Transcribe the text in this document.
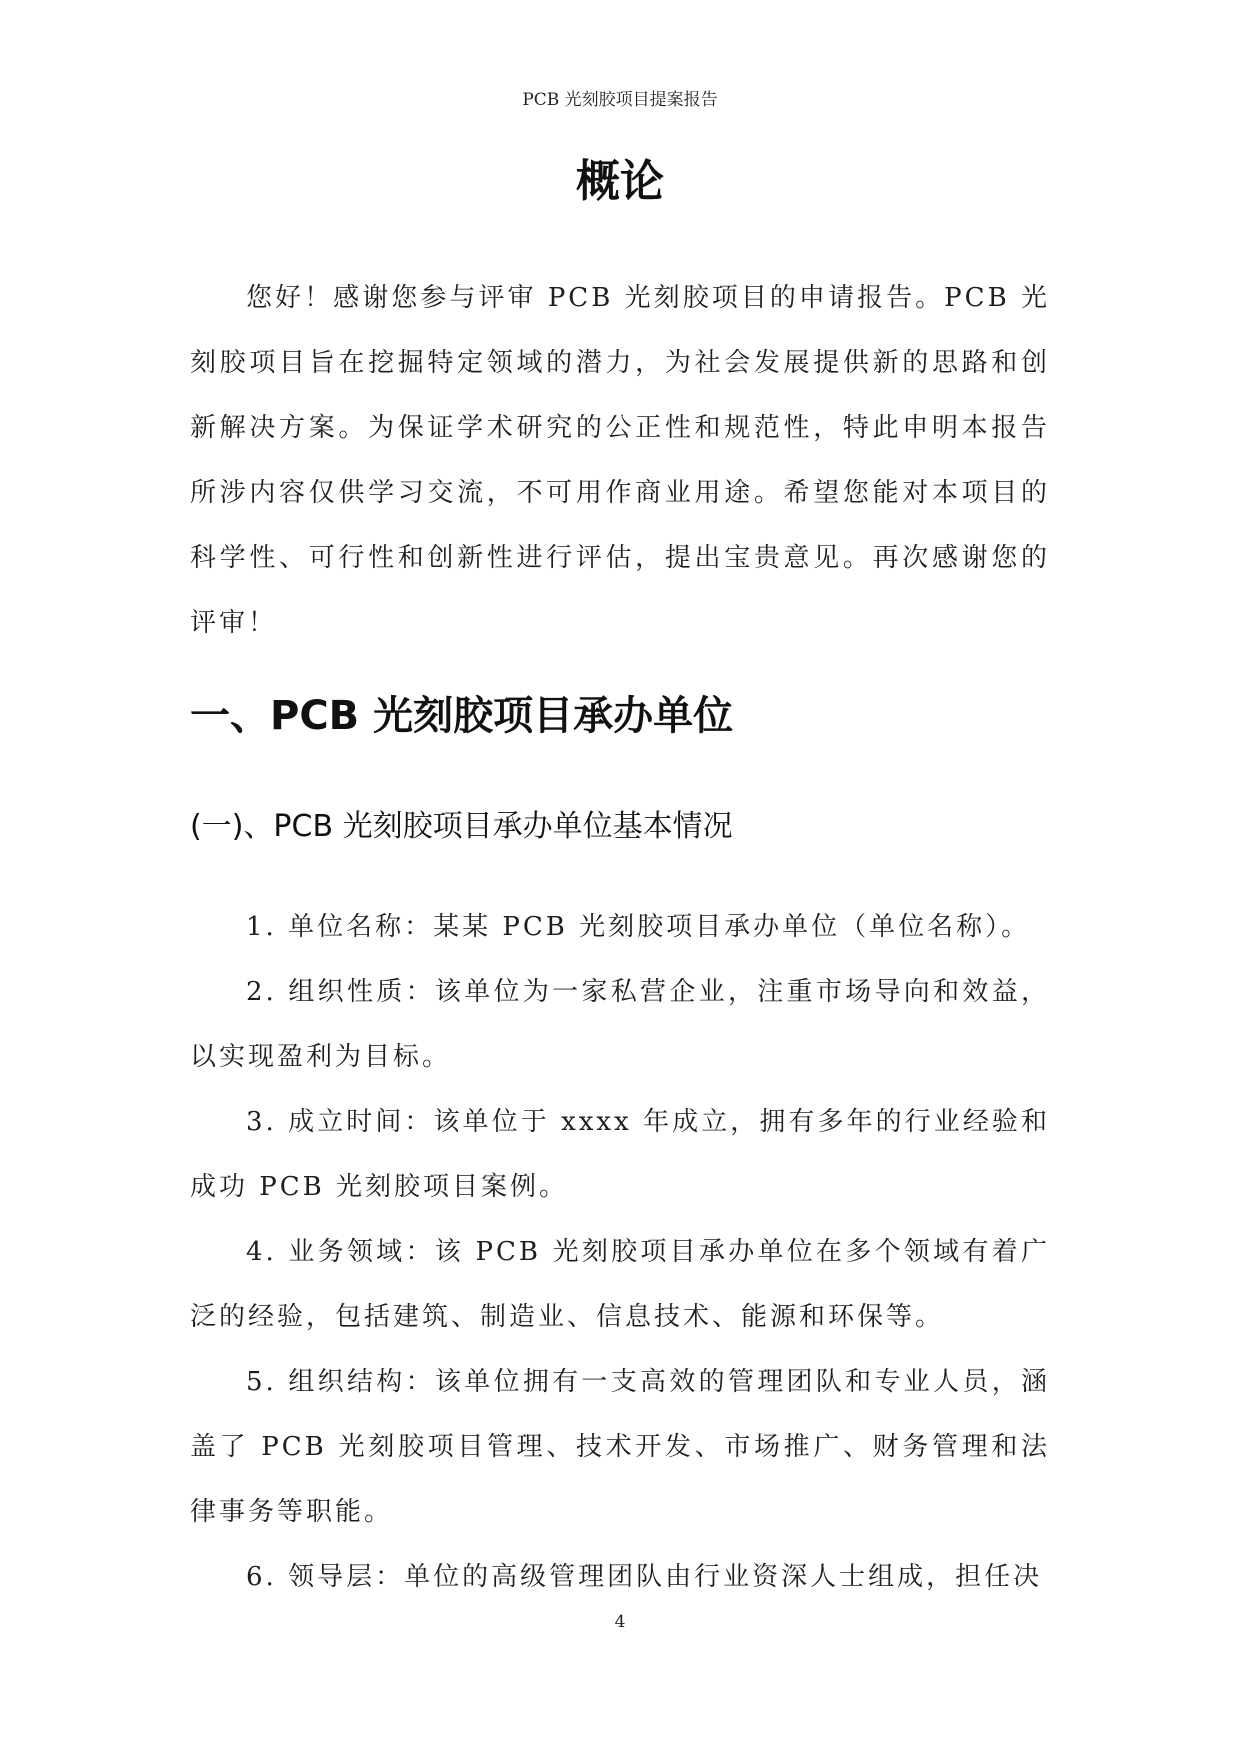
PCB 光刻胶项目提案报告
概论

您好！感谢您参与评审 PCB 光刻胶项目的申请报告。PCB 光刻胶项目旨在挖掘特定领域的潜力，为社会发展提供新的思路和创新解决方案。为保证学术研究的公正性和规范性，特此申明本报告所涉内容仅供学习交流，不可用作商业用途。希望您能对本项目的科学性、可行性和创新性进行评估，提出宝贵意见。再次感谢您的评审！

一、PCB 光刻胶项目承办单位
(一)、PCB 光刻胶项目承办单位基本情况

1. 单位名称：某某 PCB 光刻胶项目承办单位（单位名称）。

2. 组织性质：该单位为一家私营企业，注重市场导向和效益，以实现盈利为目标。

3. 成立时间：该单位于 xxxx 年成立，拥有多年的行业经验和成功 PCB 光刻胶项目案例。

4. 业务领域：该 PCB 光刻胶项目承办单位在多个领域有着广泛的经验，包括建筑、制造业、信息技术、能源和环保等。

5. 组织结构：该单位拥有一支高效的管理团队和专业人员，涵盖了 PCB 光刻胶项目管理、技术开发、市场推广、财务管理和法律事务等职能。

6. 领导层：单位的高级管理团队由行业资深人士组成，担任决

4
